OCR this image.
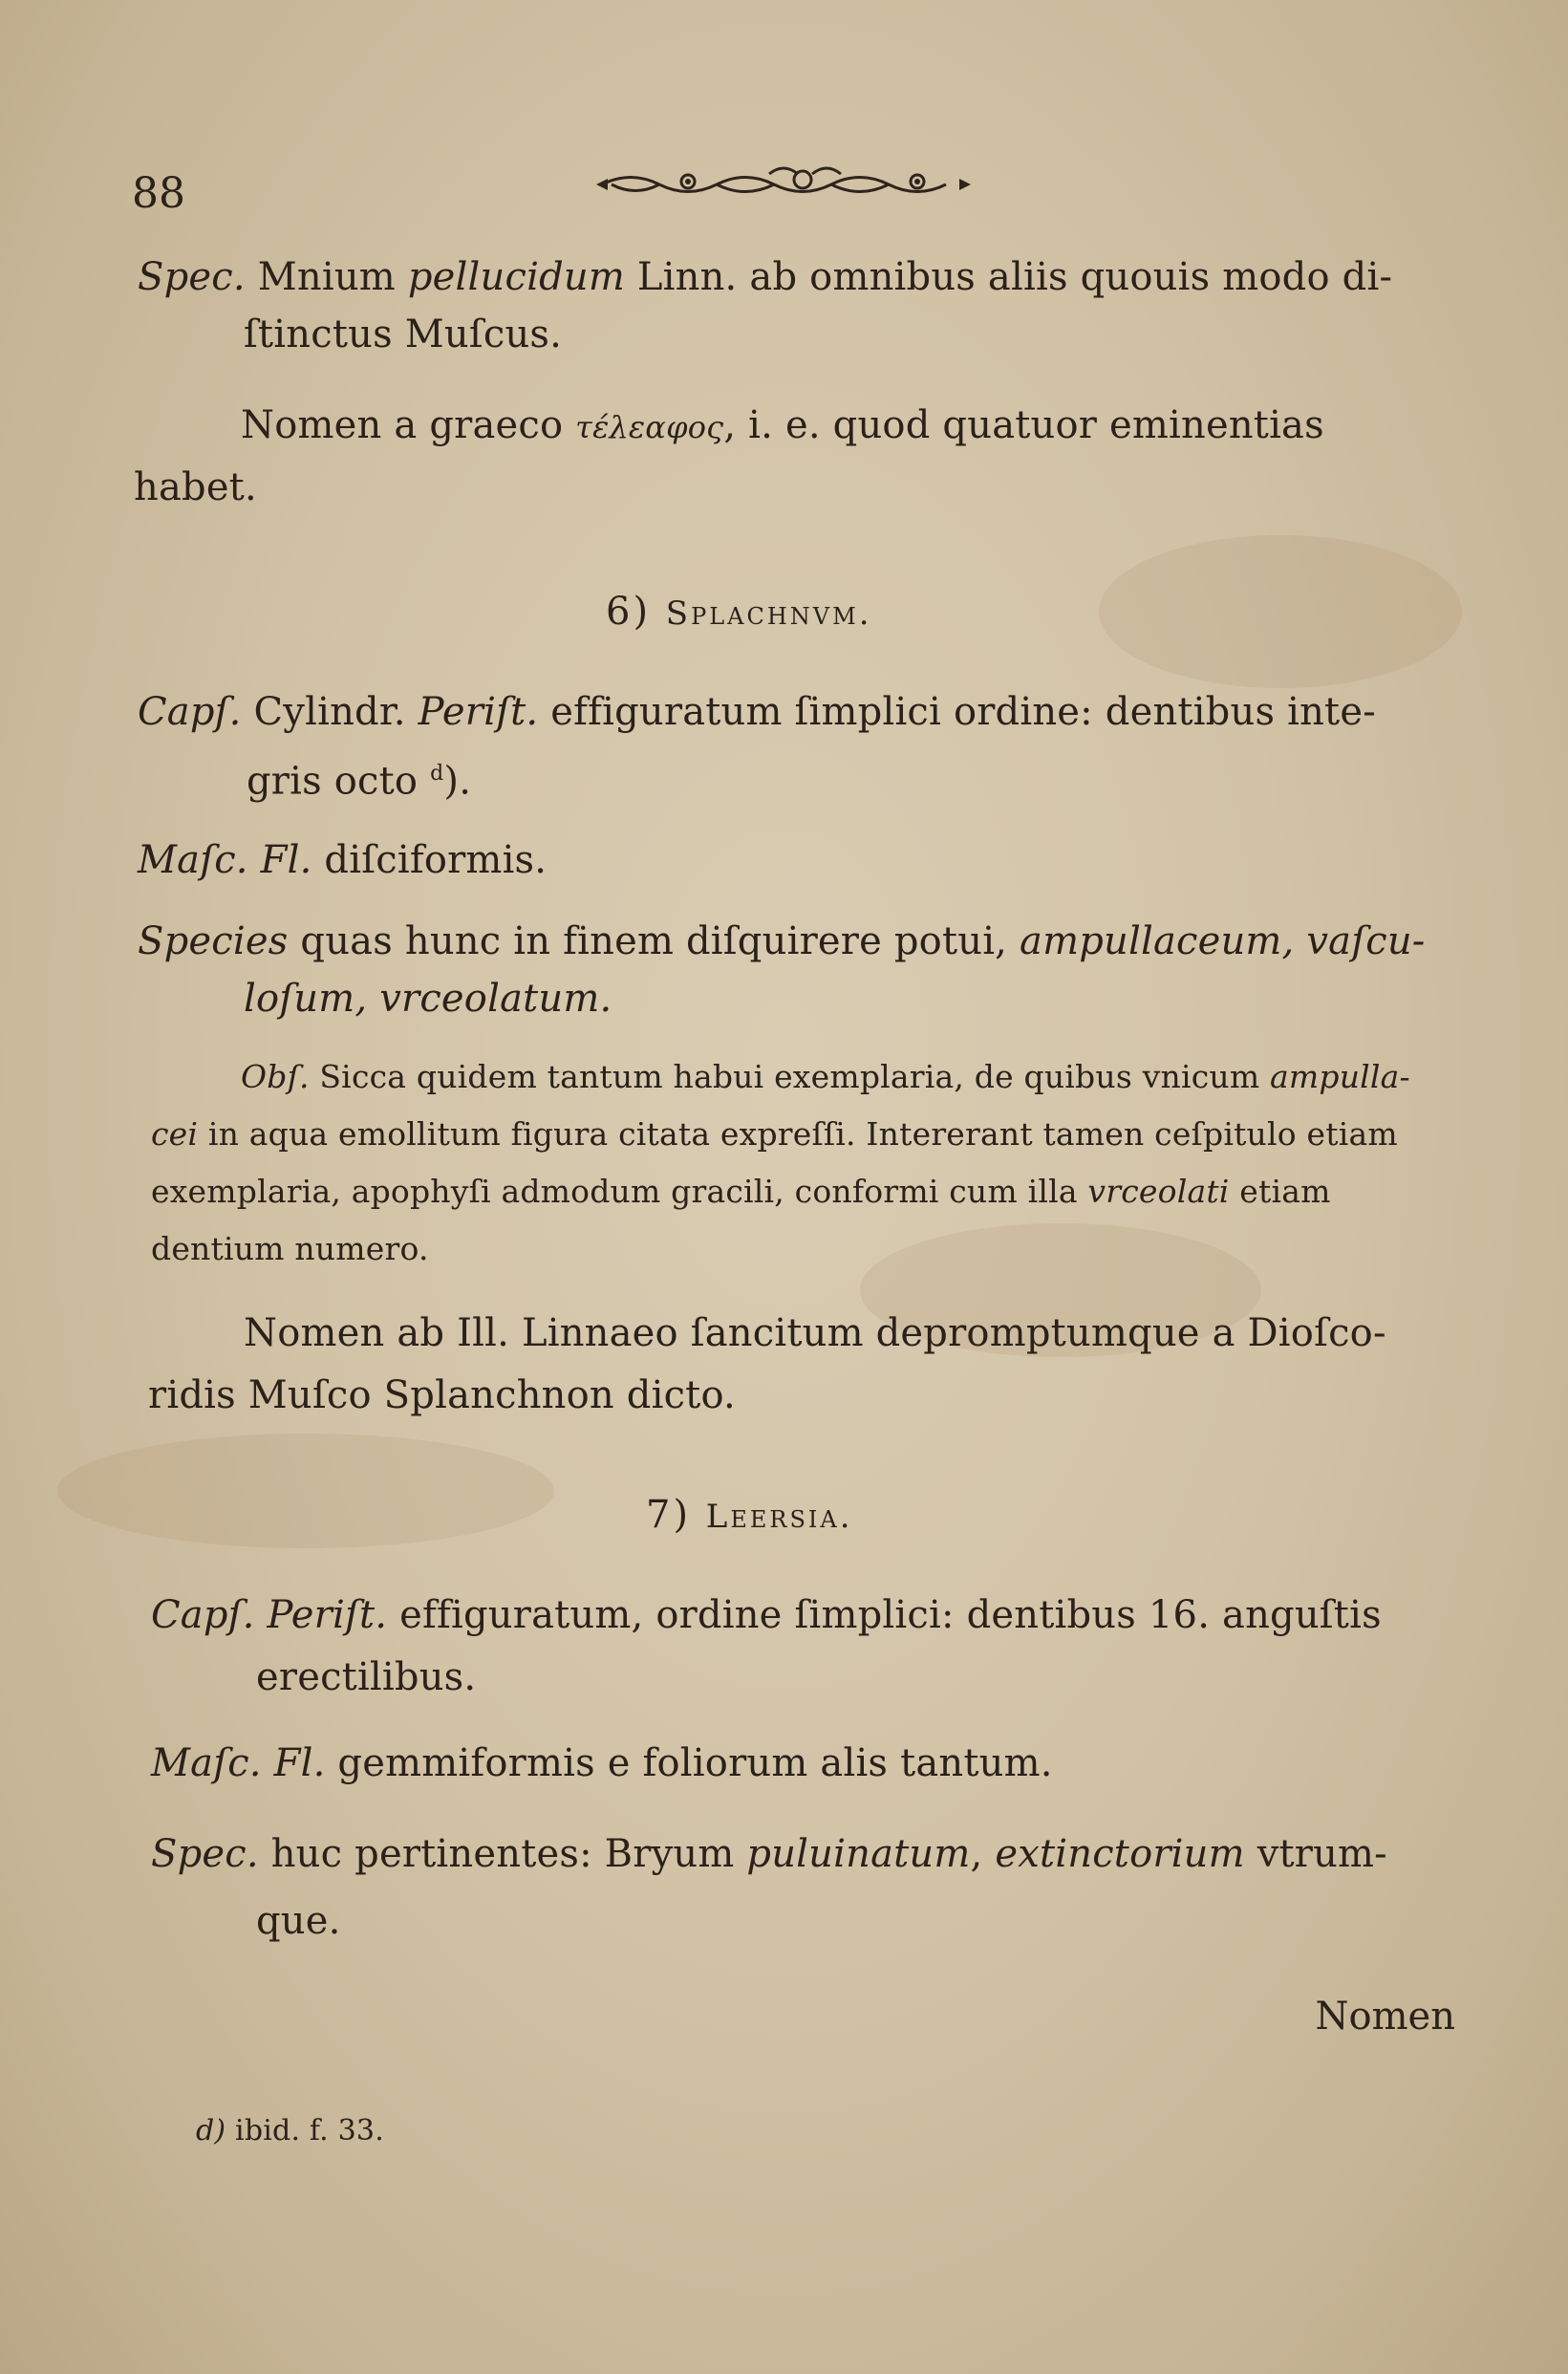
88
Spec. Mnium pellucidum Linn. ab omnibus aliis quouis modo di-
ſtinctus Muſcus.
Nomen a graeco τέλεαφος, i. e. quod quatuor eminentias
habet.
6) Splachnvm.
Capſ. Cylindr. Periſt. effiguratum ſimplici ordine: dentibus inte-
gris octo $^d$).
Maſc. Fl. diſciformis.
Species quas hunc in finem diſquirere potui, ampullaceum, vaſcu-
loſum, vrceolatum.
Obſ. Sicca quidem tantum habui exemplaria, de quibus vnicum ampulla-
cei in aqua emollitum figura citata expreſſi. Intererant tamen ceſpitulo etiam
exemplaria, apophyſi admodum gracili, conformi cum illa vrceolati etiam
dentium numero.
Nomen ab Ill. Linnaeo ſancitum depromptumque a Dioſco-
ridis Muſco Splanchnon dicto.
7) Leersia.
Capſ. Periſt. effiguratum, ordine ſimplici: dentibus 16. anguſtis
erectilibus.
Maſc. Fl. gemmiformis e foliorum alis tantum.
Spec. huc pertinentes: Bryum puluinatum, extinctorium vtrum-
que.
Nomen
d) ibid. f. 33.
